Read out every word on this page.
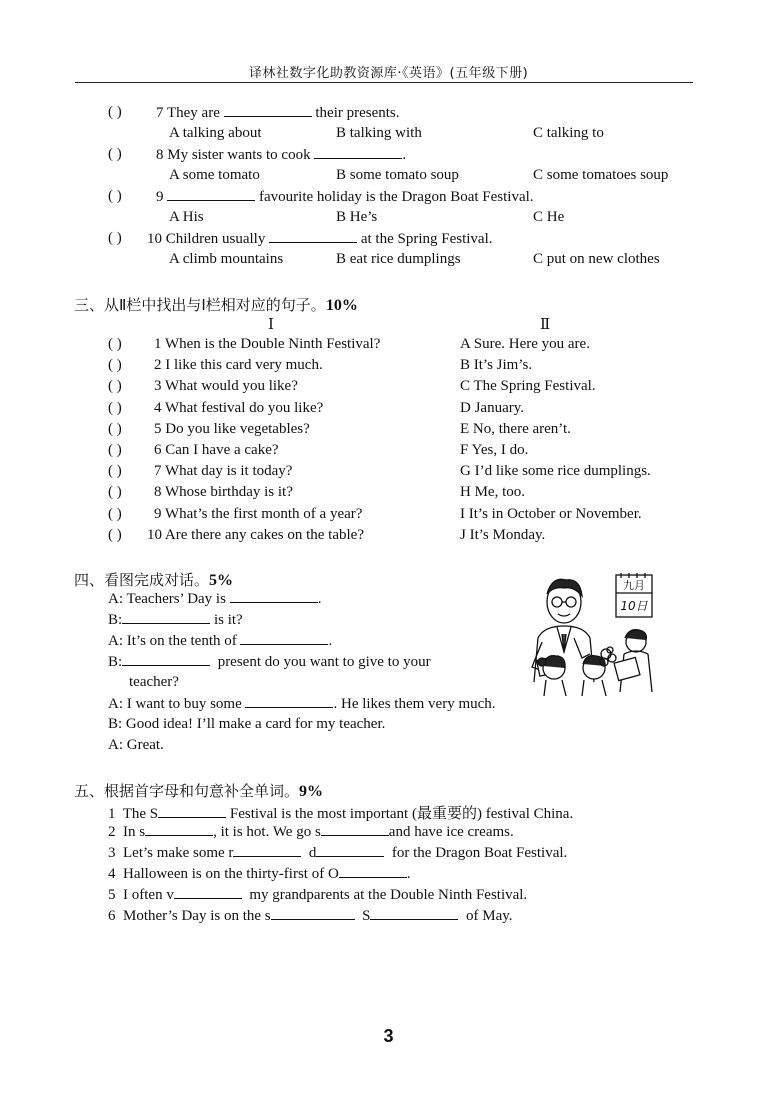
译林社数字化助教资源库·《英语》(五年级下册)
( ) 7 They are	their presents.
A talking about	B talking with	C talking to
( ) 8 My sister wants to cook	.
A some tomato	B some tomato soup	C some tomatoes soup
( ) 9	favourite holiday is the Dragon Boat Festival.
A His	B He’s	C He
( ) 10 Children usually	at the Spring Festival.
A climb mountains	B eat rice dumplings	C put on new clothes
三、从Ⅱ栏中找出与Ⅰ栏相对应的句子。10%
Ⅰ	Ⅱ
( ) 1 When is the Double Ninth Festival?	A Sure. Here you are.
( ) 2 I like this card very much.	B It’s Jim’s.
( ) 3 What would you like?	C The Spring Festival.
( ) 4 What festival do you like?	D January.
( ) 5 Do you like vegetables?	E No, there aren’t.
( ) 6 Can I have a cake?	F Yes, I do.
( ) 7 What day is it today?	G I’d like some rice dumplings.
( ) 8 Whose birthday is it?	H Me, too.
( ) 9 What’s the first month of a year?	I It’s in October or November.
( ) 10 Are there any cakes on the table?	J It’s Monday.
四、看图完成对话。5%
A: Teachers’ Day is	.
B:	is it?
A: It’s on the tenth of	.
B:	present do you want to give to your
teacher?
A: I want to buy some	. He likes them very much.
B: Good idea! I’ll make a card for my teacher.
A: Great.
九月
10日
五、根据首字母和句意补全单词。9%
1 The S	Festival is the most important (最重要的) festival China.
2 In s	, it is hot. We go s	and have ice creams.
3 Let’s make some r	d	for the Dragon Boat Festival.
4 Halloween is on the thirty-first of O	.
5 I often v	my grandparents at the Double Ninth Festival.
6 Mother’s Day is on the s	S	of May.
3
